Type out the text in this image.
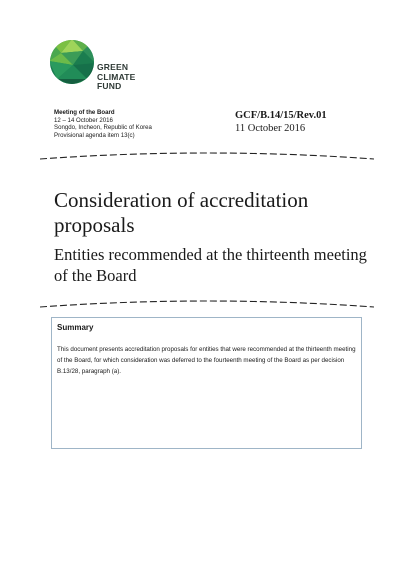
GREEN
CLIMATE
FUND
Meeting of the Board
12 – 14 October 2016
Songdo, Incheon, Republic of Korea
Provisional agenda item 13(c)
GCF/B.14/15/Rev.01
11 October 2016
Consideration of accreditation proposals
Entities recommended at the thirteenth meeting of the Board
Summary
This document presents accreditation proposals for entities that were recommended at the thirteenth meeting of the Board, for which consideration was deferred to the fourteenth meeting of the Board as per decision B.13/28, paragraph (a).
